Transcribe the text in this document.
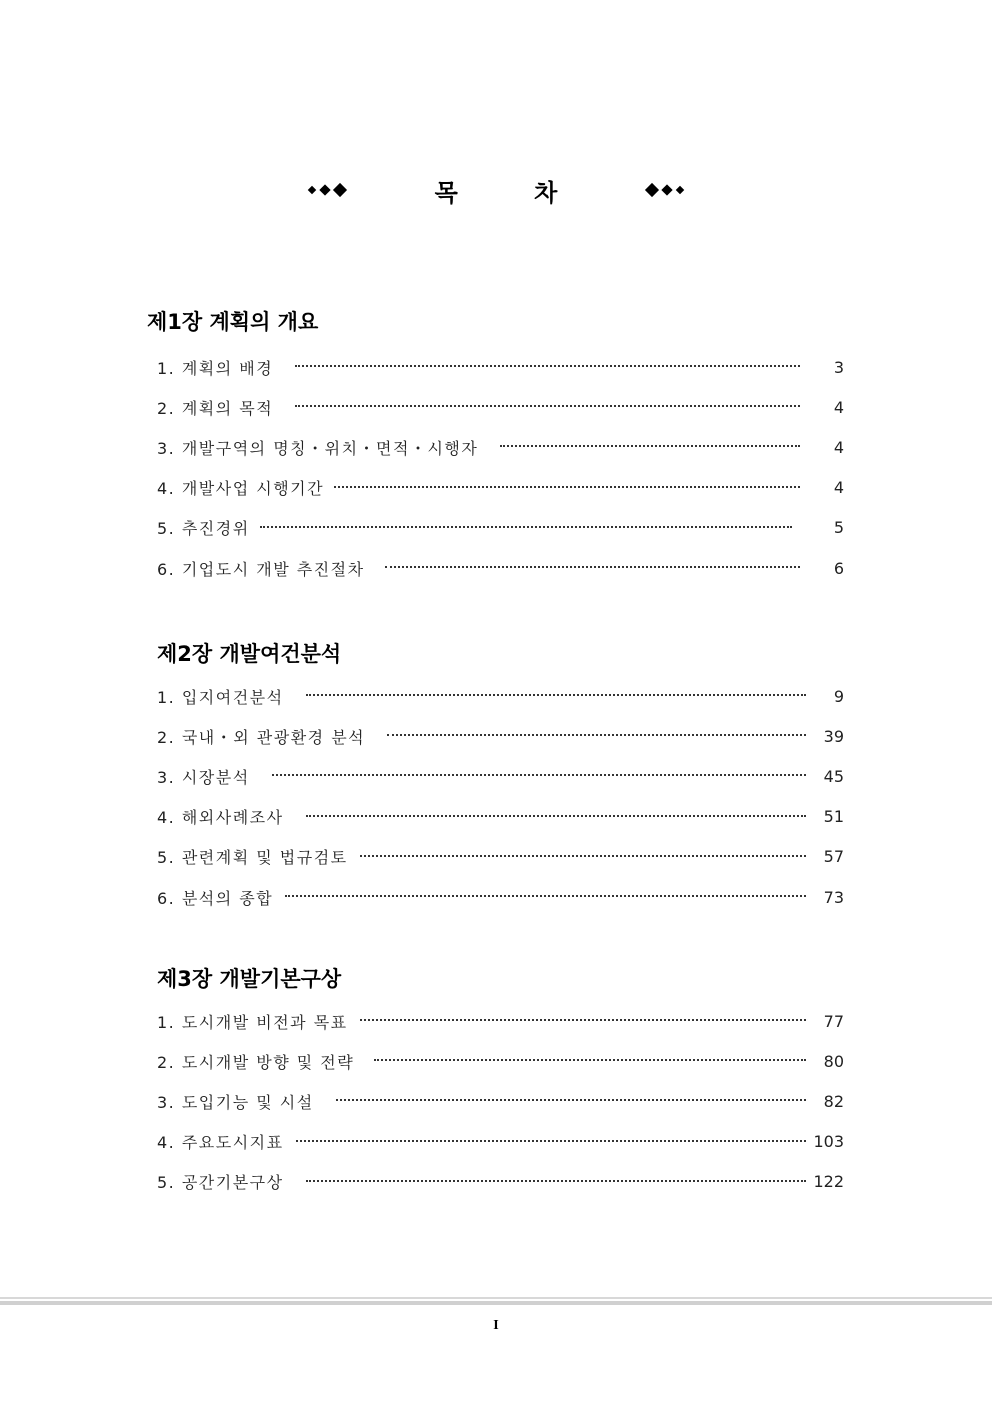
목 차
제1장 계획의 개요
1. 계획의 배경	3
2. 계획의 목적	4
3. 개발구역의 명칭・위치・면적・시행자	4
4. 개발사업 시행기간	4
5. 추진경위	5
6. 기업도시 개발 추진절차	6
제2장 개발여건분석
1. 입지여건분석	9
2. 국내・외 관광환경 분석	39
3. 시장분석	45
4. 해외사례조사	51
5. 관련계획 및 법규검토	57
6. 분석의 종합	73
제3장 개발기본구상
1. 도시개발 비전과 목표	77
2. 도시개발 방향 및 전략	80
3. 도입기능 및 시설	82
4. 주요도시지표	103
5. 공간기본구상	122
I
